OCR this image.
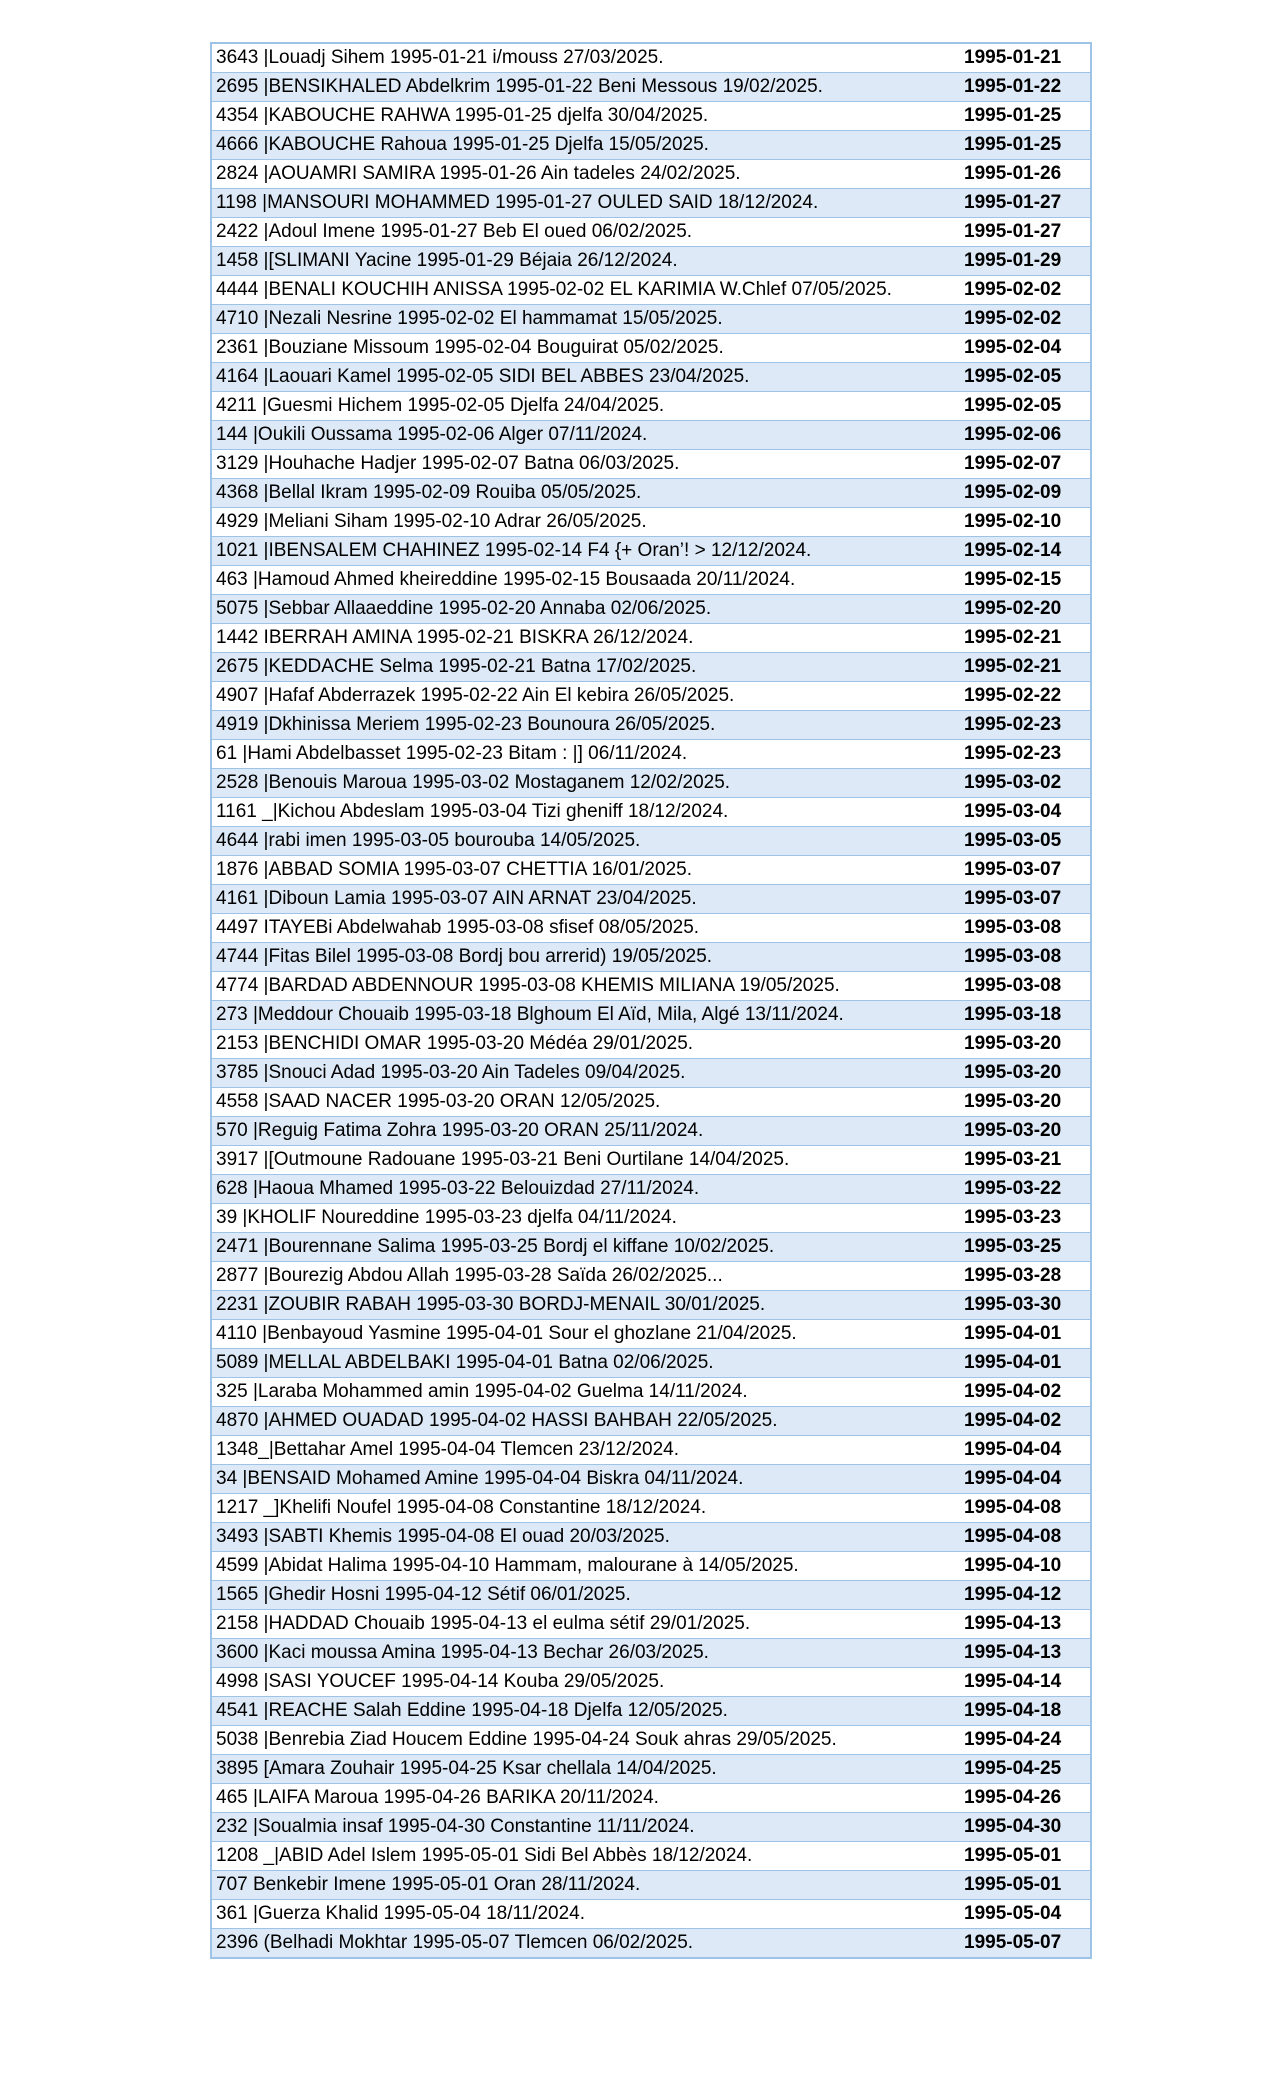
3643 |Louadj Sihem 1995-01-21 i/mouss 27/03/2025.	1995-01-21
2695 |BENSIKHALED Abdelkrim 1995-01-22 Beni Messous 19/02/2025.	1995-01-22
4354 |KABOUCHE RAHWA 1995-01-25 djelfa 30/04/2025.	1995-01-25
4666 |KABOUCHE Rahoua 1995-01-25 Djelfa 15/05/2025.	1995-01-25
2824 |AOUAMRI SAMIRA 1995-01-26 Ain tadeles 24/02/2025.	1995-01-26
1198 |MANSOURI MOHAMMED 1995-01-27 OULED SAID 18/12/2024.	1995-01-27
2422 |Adoul Imene 1995-01-27 Beb El oued 06/02/2025.	1995-01-27
1458 |[SLIMANI Yacine 1995-01-29 Béjaia 26/12/2024.	1995-01-29
4444 |BENALI KOUCHIH ANISSA 1995-02-02 EL KARIMIA W.Chlef 07/05/2025.	1995-02-02
4710 |Nezali Nesrine 1995-02-02 El hammamat 15/05/2025.	1995-02-02
2361 |Bouziane Missoum 1995-02-04 Bouguirat 05/02/2025.	1995-02-04
4164 |Laouari Kamel 1995-02-05 SIDI BEL ABBES 23/04/2025.	1995-02-05
4211 |Guesmi Hichem 1995-02-05 Djelfa 24/04/2025.	1995-02-05
144 |Oukili Oussama 1995-02-06 Alger 07/11/2024.	1995-02-06
3129 |Houhache Hadjer 1995-02-07 Batna 06/03/2025.	1995-02-07
4368 |Bellal Ikram 1995-02-09 Rouiba 05/05/2025.	1995-02-09
4929 |Meliani Siham 1995-02-10 Adrar 26/05/2025.	1995-02-10
1021 |IBENSALEM CHAHINEZ 1995-02-14 F4 {+ Oran’! > 12/12/2024.	1995-02-14
463 |Hamoud Ahmed kheireddine 1995-02-15 Bousaada 20/11/2024.	1995-02-15
5075 |Sebbar Allaaeddine 1995-02-20 Annaba 02/06/2025.	1995-02-20
1442 IBERRAH AMINA 1995-02-21 BISKRA 26/12/2024.	1995-02-21
2675 |KEDDACHE Selma 1995-02-21 Batna 17/02/2025.	1995-02-21
4907 |Hafaf Abderrazek 1995-02-22 Ain El kebira 26/05/2025.	1995-02-22
4919 |Dkhinissa Meriem 1995-02-23 Bounoura 26/05/2025.	1995-02-23
61 |Hami Abdelbasset 1995-02-23 Bitam : |] 06/11/2024.	1995-02-23
2528 |Benouis Maroua 1995-03-02 Mostaganem 12/02/2025.	1995-03-02
1161 _|Kichou Abdeslam 1995-03-04 Tizi gheniff 18/12/2024.	1995-03-04
4644 |rabi imen 1995-03-05 bourouba 14/05/2025.	1995-03-05
1876 |ABBAD SOMIA 1995-03-07 CHETTIA 16/01/2025.	1995-03-07
4161 |Diboun Lamia 1995-03-07 AIN ARNAT 23/04/2025.	1995-03-07
4497 ITAYEBi Abdelwahab 1995-03-08 sfisef 08/05/2025.	1995-03-08
4744 |Fitas Bilel 1995-03-08 Bordj bou arrerid) 19/05/2025.	1995-03-08
4774 |BARDAD ABDENNOUR 1995-03-08 KHEMIS MILIANA 19/05/2025.	1995-03-08
273 |Meddour Chouaib 1995-03-18 Blghoum El Aïd, Mila, Algé 13/11/2024.	1995-03-18
2153 |BENCHIDI OMAR 1995-03-20 Médéa 29/01/2025.	1995-03-20
3785 |Snouci Adad 1995-03-20 Ain Tadeles 09/04/2025.	1995-03-20
4558 |SAAD NACER 1995-03-20 ORAN 12/05/2025.	1995-03-20
570 |Reguig Fatima Zohra 1995-03-20 ORAN 25/11/2024.	1995-03-20
3917 |[Outmoune Radouane 1995-03-21 Beni Ourtilane 14/04/2025.	1995-03-21
628 |Haoua Mhamed 1995-03-22 Belouizdad 27/11/2024.	1995-03-22
39 |KHOLIF Noureddine 1995-03-23 djelfa 04/11/2024.	1995-03-23
2471 |Bourennane Salima 1995-03-25 Bordj el kiffane 10/02/2025.	1995-03-25
2877 |Bourezig Abdou Allah 1995-03-28 Saïda 26/02/2025...	1995-03-28
2231 |ZOUBIR RABAH 1995-03-30 BORDJ-MENAIL 30/01/2025.	1995-03-30
4110 |Benbayoud Yasmine 1995-04-01 Sour el ghozlane 21/04/2025.	1995-04-01
5089 |MELLAL ABDELBAKI 1995-04-01 Batna 02/06/2025.	1995-04-01
325 |Laraba Mohammed amin 1995-04-02 Guelma 14/11/2024.	1995-04-02
4870 |AHMED OUADAD 1995-04-02 HASSI BAHBAH 22/05/2025.	1995-04-02
1348_|Bettahar Amel 1995-04-04 Tlemcen 23/12/2024.	1995-04-04
34 |BENSAID Mohamed Amine 1995-04-04 Biskra 04/11/2024.	1995-04-04
1217 _]Khelifi Noufel 1995-04-08 Constantine 18/12/2024.	1995-04-08
3493 |SABTI Khemis 1995-04-08 El ouad 20/03/2025.	1995-04-08
4599 |Abidat Halima 1995-04-10 Hammam, malourane à 14/05/2025.	1995-04-10
1565 |Ghedir Hosni 1995-04-12 Sétif 06/01/2025.	1995-04-12
2158 |HADDAD Chouaib 1995-04-13 el eulma sétif 29/01/2025.	1995-04-13
3600 |Kaci moussa Amina 1995-04-13 Bechar 26/03/2025.	1995-04-13
4998 |SASI YOUCEF 1995-04-14 Kouba 29/05/2025.	1995-04-14
4541 |REACHE Salah Eddine 1995-04-18 Djelfa 12/05/2025.	1995-04-18
5038 |Benrebia Ziad Houcem Eddine 1995-04-24 Souk ahras 29/05/2025.	1995-04-24
3895 [Amara Zouhair 1995-04-25 Ksar chellala 14/04/2025.	1995-04-25
465 |LAIFA Maroua 1995-04-26 BARIKA 20/11/2024.	1995-04-26
232 |Soualmia insaf 1995-04-30 Constantine 11/11/2024.	1995-04-30
1208 _|ABID Adel Islem 1995-05-01 Sidi Bel Abbès 18/12/2024.	1995-05-01
707 Benkebir Imene 1995-05-01 Oran 28/11/2024.	1995-05-01
361 |Guerza Khalid 1995-05-04 18/11/2024.	1995-05-04
2396 (Belhadi Mokhtar 1995-05-07 Tlemcen 06/02/2025.	1995-05-07
